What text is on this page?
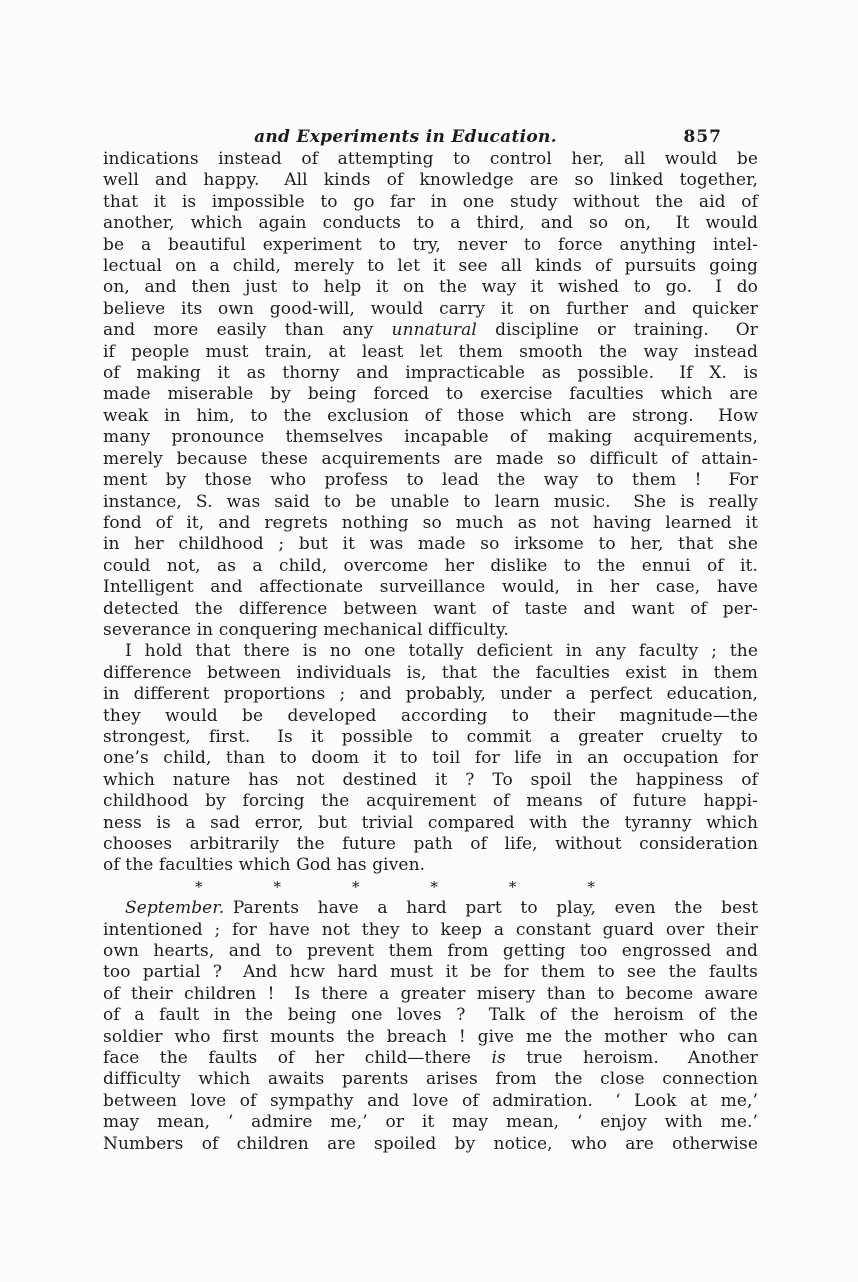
and Experiments in Education.	857
indications instead of attempting to control her, all would be
well and happy.  All kinds of knowledge are so linked together,
that it is impossible to go far in one study without the aid of
another, which again conducts to a third, and so on,  It would
be a beautiful experiment to try, never to force anything intel-
lectual on a child, merely to let it see all kinds of pursuits going
on, and then just to help it on the way it wished to go.  I do
believe its own good-will, would carry it on further and quicker
and more easily than any unnatural discipline or training.  Or
if people must train, at least let them smooth the way instead
of making it as thorny and impracticable as possible.  If X. is
made miserable by being forced to exercise faculties which are
weak in him, to the exclusion of those which are strong.  How
many pronounce themselves incapable of making acquirements,
merely because these acquirements are made so difficult of attain-
ment by those who profess to lead the way to them !  For
instance, S. was said to be unable to learn music.  She is really
fond of it, and regrets nothing so much as not having learned it
in her childhood ; but it was made so irksome to her, that she
could not, as a child, overcome her dislike to the ennui of it.
Intelligent and affectionate surveillance would, in her case, have
detected the difference between want of taste and want of per-
severance in conquering mechanical difficulty.
I hold that there is no one totally deficient in any faculty ; the
difference between individuals is, that the faculties exist in them
in different proportions ; and probably, under a perfect education,
they would be developed according to their magnitude—the
strongest, first.  Is it possible to commit a greater cruelty to
one’s child, than to doom it to toil for life in an occupation for
which nature has not destined it ? To spoil the happiness of
childhood by forcing the acquirement of means of future happi-
ness is a sad error, but trivial compared with the tyranny which
chooses arbitrarily the future path of life, without consideration
of the faculties which God has given.
*	*	*	*	*	*
September. Parents have a hard part to play, even the best
intentioned ; for have not they to keep a constant guard over their
own hearts, and to prevent them from getting too engrossed and
too partial ?  And hcw hard must it be for them to see the faults
of their children !  Is there a greater misery than to become aware
of a fault in the being one loves ?  Talk of the heroism of the
soldier who first mounts the breach ! give me the mother who can
face the faults of her child—there is true heroism.  Another
difficulty which awaits parents arises from the close connection
between love of sympathy and love of admiration.  ‘ Look at me,’
may mean, ‘ admire me,’ or it may mean, ‘ enjoy with me.’
Numbers of children are spoiled by notice, who are otherwise
